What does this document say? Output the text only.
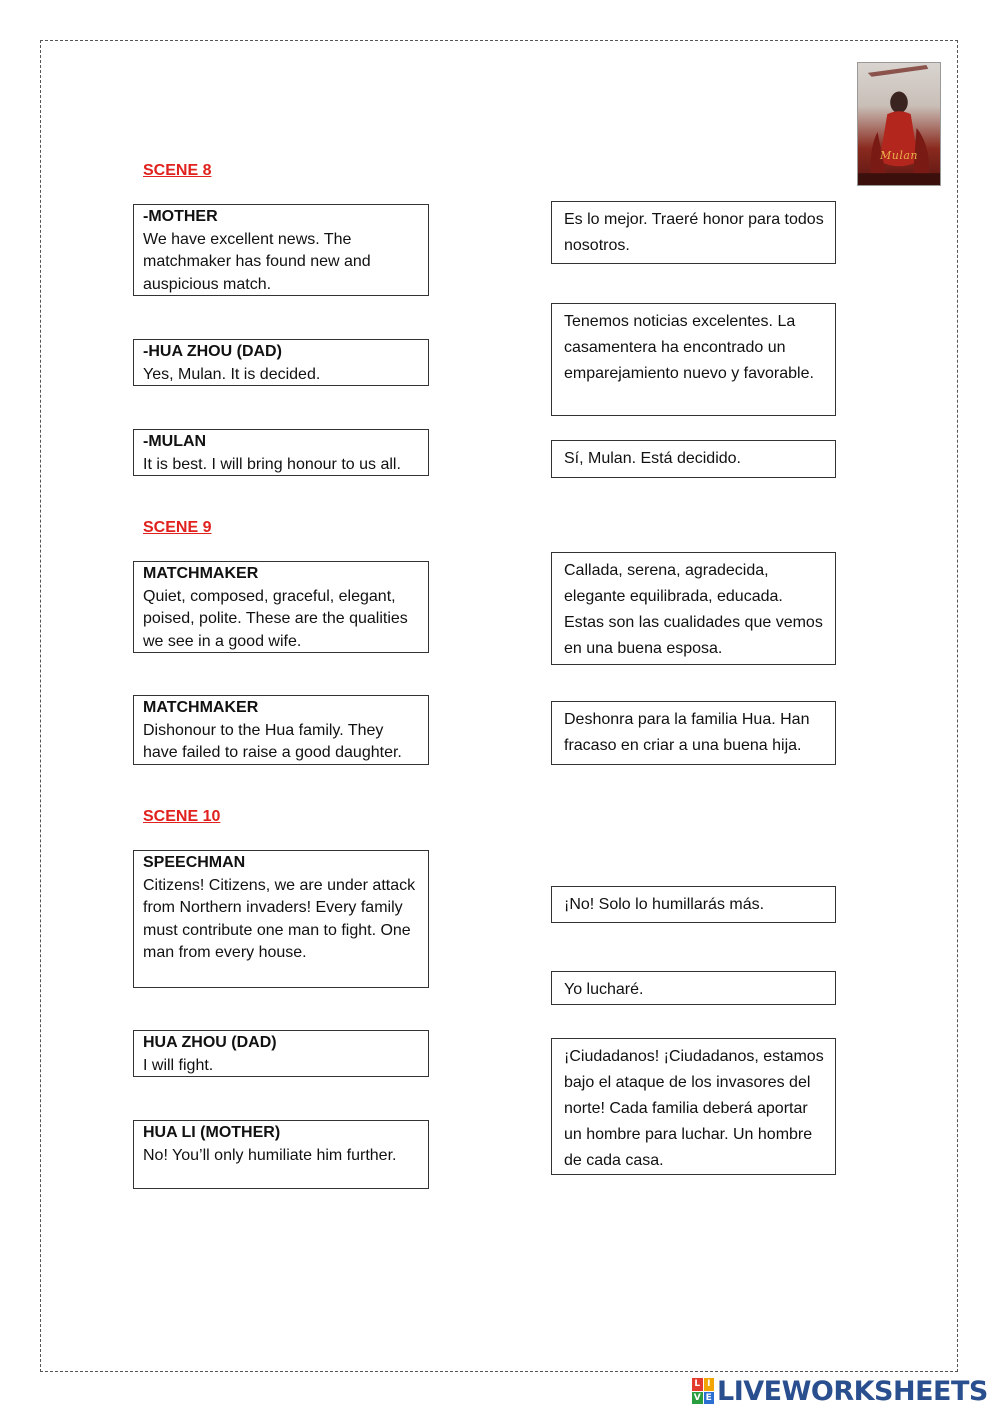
Mulan
SCENE 8
SCENE 9
SCENE 10
-MOTHER
We have excellent news. The matchmaker has found new and auspicious match.
-HUA ZHOU (DAD)
Yes, Mulan. It is decided.
-MULAN
It is best. I will bring honour to us all.
MATCHMAKER
Quiet, composed, graceful, elegant, poised, polite. These are the qualities we see in a good wife.
MATCHMAKER
Dishonour to the Hua family. They have failed to raise a good daughter.
SPEECHMAN
Citizens! Citizens, we are under attack from Northern invaders! Every family must contribute one man to fight. One man from every house.
HUA ZHOU (DAD)
I will fight.
HUA LI (MOTHER)
No! You’ll only humiliate him further.
Es lo mejor. Traeré honor para todos nosotros.
Tenemos noticias excelentes. La casamentera ha encontrado un emparejamiento nuevo y favorable.
Sí, Mulan. Está decidido.
Callada, serena, agradecida, elegante equilibrada, educada. Estas son las cualidades que vemos en una buena esposa.
Deshonra para la familia Hua. Han fracaso en criar a una buena hija.
¡No! Solo lo humillarás más.
Yo lucharé.
¡Ciudadanos! ¡Ciudadanos, estamos bajo el ataque de los invasores del norte! Cada familia deberá aportar un hombre para luchar. Un hombre de cada casa.
L I
V E LIVEWORKSHEETS
